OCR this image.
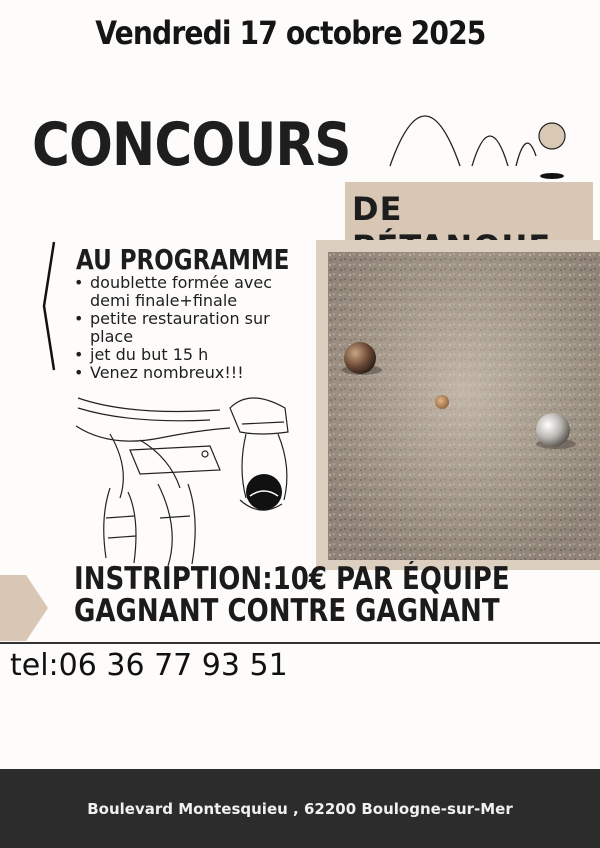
Vendredi 17 octobre 2025
CONCOURS
DE
AU PROGRAMME
• doublette formée avec demi finale+finale
• petite restauration sur place
• jet du but 15 h
• Venez nombreux!!!
INSTRIPTION:10€ PAR ÉQUIPE
GAGNANT CONTRE GAGNANT
tel:06 36 77 93 51
Boulevard Montesquieu , 62200 Boulogne-sur-Mer
